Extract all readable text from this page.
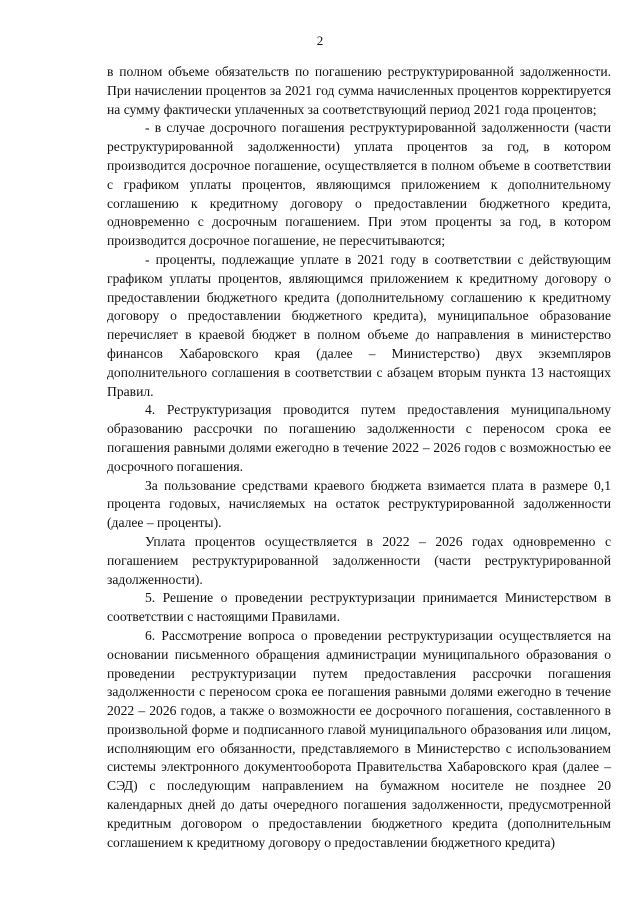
2

в полном объеме обязательств по погашению реструктурированной задолженности. При начислении процентов за 2021 год сумма начисленных процентов корректируется на сумму фактически уплаченных за соответствующий период 2021 года процентов;

- в случае досрочного погашения реструктурированной задолженности (части реструктурированной задолженности) уплата процентов за год, в котором производится досрочное погашение, осуществляется в полном объеме в соответствии с графиком уплаты процентов, являющимся приложением к дополнительному соглашению к кредитному договору о предоставлении бюджетного кредита, одновременно с досрочным погашением. При этом проценты за год, в котором производится досрочное погашение, не пересчитываются;

- проценты, подлежащие уплате в 2021 году в соответствии с действующим графиком уплаты процентов, являющимся приложением к кредитному договору о предоставлении бюджетного кредита (дополнительному соглашению к кредитному договору о предоставлении бюджетного кредита), муниципальное образование перечисляет в краевой бюджет в полном объеме до направления в министерство финансов Хабаровского края (далее – Министерство) двух экземпляров дополнительного соглашения в соответствии с абзацем вторым пункта 13 настоящих Правил.

4. Реструктуризация проводится путем предоставления муниципальному образованию рассрочки по погашению задолженности с переносом срока ее погашения равными долями ежегодно в течение 2022 – 2026 годов с возможностью ее досрочного погашения.

За пользование средствами краевого бюджета взимается плата в размере 0,1 процента годовых, начисляемых на остаток реструктурированной задолженности (далее – проценты).

Уплата процентов осуществляется в 2022 – 2026 годах одновременно с погашением реструктурированной задолженности (части реструктурированной задолженности).

5. Решение о проведении реструктуризации принимается Министерством в соответствии с настоящими Правилами.

6. Рассмотрение вопроса о проведении реструктуризации осуществляется на основании письменного обращения администрации муниципального образования о проведении реструктуризации путем предоставления рассрочки погашения задолженности с переносом срока ее погашения равными долями ежегодно в течение 2022 – 2026 годов, а также о возможности ее досрочного погашения, составленного в произвольной форме и подписанного главой муниципального образования или лицом, исполняющим его обязанности, представляемого в Министерство с использованием системы электронного документооборота Правительства Хабаровского края (далее – СЭД) с последующим направлением на бумажном носителе не позднее 20 календарных дней до даты очередного погашения задолженности, предусмотренной кредитным договором о предоставлении бюджетного кредита (дополнительным соглашением к кредитному договору о предоставлении бюджетного кредита)
